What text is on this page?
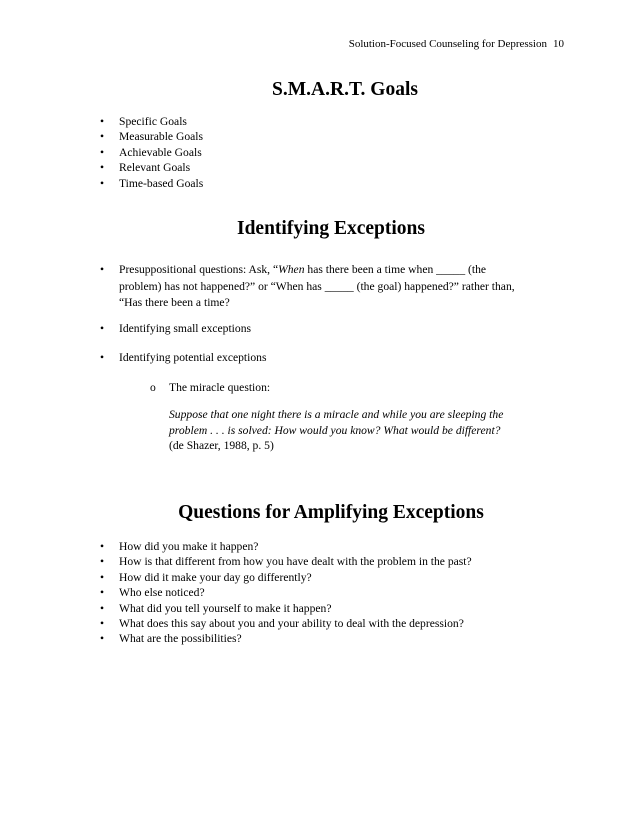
Solution-Focused Counseling for Depression 10
S.M.A.R.T. Goals
• Specific Goals
• Measurable Goals
• Achievable Goals
• Relevant Goals
• Time-based Goals
Identifying Exceptions
• Presuppositional questions: Ask, “When has there been a time when _____ (the
problem) has not happened?” or “When has _____ (the goal) happened?” rather than,
“Has there been a time?
• Identifying small exceptions
• Identifying potential exceptions
o The miracle question:
Suppose that one night there is a miracle and while you are sleeping the
problem . . . is solved: How would you know? What would be different?
(de Shazer, 1988, p. 5)
Questions for Amplifying Exceptions
• How did you make it happen?
• How is that different from how you have dealt with the problem in the past?
• How did it make your day go differently?
• Who else noticed?
• What did you tell yourself to make it happen?
• What does this say about you and your ability to deal with the depression?
• What are the possibilities?
